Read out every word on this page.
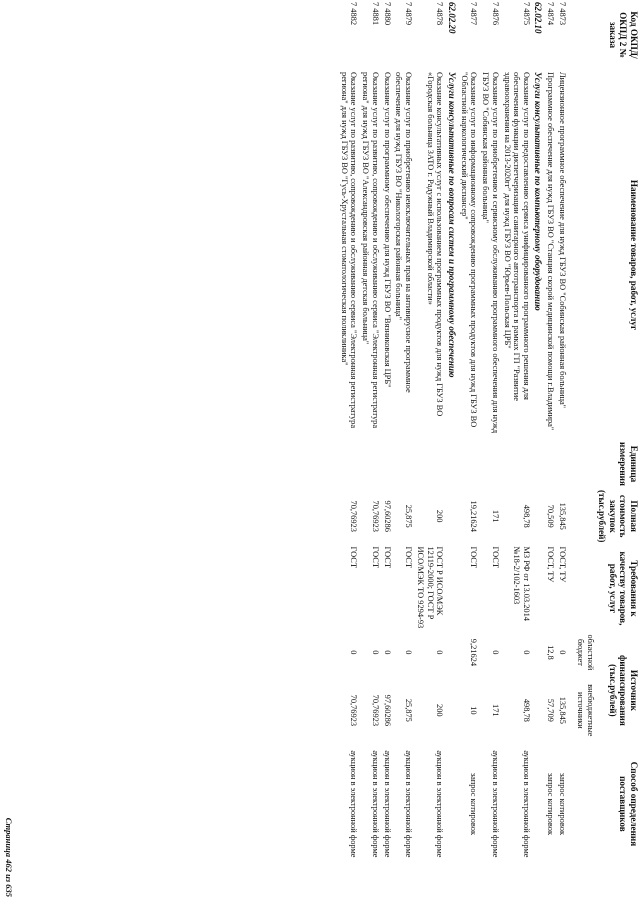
Код ОКПД/ ОКПД 2 № заказа	Наименование товаров, работ, услуг	Единица измерения	Полная стоимость закупок (тыс.рублей)	Требования к качеству товаров, работ, услуг	Источник финансирования (тыс.рублей)		Способ определения поставщиков
					областной бюджет	внебюджетные источники	
7 4873	Лицензионное программное обеспечение для нужд ГБУЗ ВО "Собинская районная больница"		135,845	ГОСТ, ТУ	0	135,845	запрос котировок
7 4874	Программное обеспечение для нужд ГБУЗ ВО "Станция скорой медицинской помощи г.Владимира"		70,509	ГОСТ, ТУ	12,8	57,709	запрос котировок
62.02.10	Услуги консультативные по компьютерному оборудованию						
7 4875	Оказание услуг по предоставлению сервиса унифицированного программного решения для обеспечения функции диспетчеризации санитарного автотранспорта в рамках ГП "Развитие здравоохранения на 2013-2020гг" для нужд ГБУЗ ВО "Юрьев-Польская ЦРБ"		498,78	МЗ РФ от 13.03.2014 №18-2/102-1603	0	498,78	аукцион в электронной форме
7 4876	Оказание услуг по приобретению и сервисному обслуживанию программного обеспечения для нужд ГБУЗ ВО "Собинская районная больница"		171	ГОСТ	0	171	аукцион в электронной форме
7 4877	Оказание услуг по информационному сопровождению программных продуктов для нужд ГБУЗ ВО "Областной наркологический диспансер"		19,21624	ГОСТ	9,21624	10	запрос котировок
62.02.20	Услуги консультативные по вопросам систем и программному обеспечению						
7 4878	Оказание консультативных услуг с использованием программных продуктов для нужд ГБУЗ ВО «Городская больница ЗАТО г. Радужный Владимирской области»		200	ГОСТ Р ИСО/МЭК 12119-2000; ГОСТ Р ИСО/МЭК ТО 9294-93	0	200	аукцион в электронной форме
7 4879	Оказание услуг по приобретению неисключительных прав на антивирусное программное обеспечение для нужд ГБУЗ ВО "Никологорская районная больница"		25,875	ГОСТ	0	25,875	аукцион в электронной форме
7 4880	Оказание услуг по программному обеспечению для нужд ГБУЗ ВО "Вязниковская ЦРБ"		97,60286	ГОСТ	0	97,60286	аукцион в электронной форме
7 4881	Оказание услуг по развитию, сопровождению и обслуживанию сервиса "Электронная регистратура региона" для нужд ГБУЗ ВО "Александровская районная детская больница"		70,76923	ГОСТ	0	70,76923	аукцион в электронной форме
7 4882	Оказание услуг по развитию, сопровождению и обслуживанию сервиса "Электронная регистратура региона" для нужд ГБУЗ ВО "Гусь-Хрустальная стоматологическая поликлиника"		70,76923	ГОСТ	0	70,76923	аукцион в электронной форме
Страница 462 из 635
